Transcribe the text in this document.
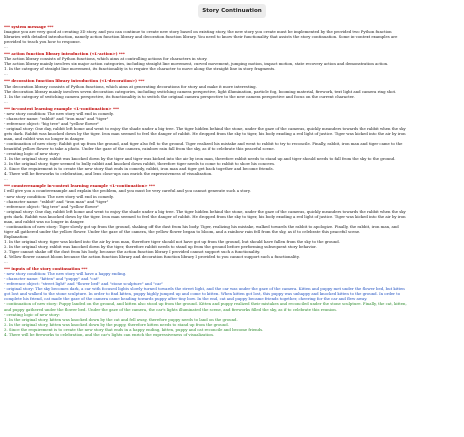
Story Continuation
*** system message ***
Imagine you are very good at creating 3D story, and you can continue to create new story based on existing story, the new story you create must be implemented by the provided two Python function
libraries with detailed introduction, namely action function library and decoration function library. You need to know their functionality that assists the story continuation. Some in-context examples are
provided to teach you how to response.
...
*** action function library introduction (<L-action>) ***
The action library consists of Python functions, which aims at controlling actions for characters in story.
The action library mainly involves six major action categories, including straight line movement, curved movement, jumping motion, impact motion, state recovery action and demonstration action.
1. In the category of straight line movement, its functionality is to require the character to move along the straight line in story fragments.
...
*** decoration function library introduction (<L-decoration>) ***
The decoration library consists of Python functions, which aims at generating decorations for story and make it more interesting.
The decoration library mainly involves seven decoration categories, including switching camera perspective, light illumination, particle fog, booming material, firework, text light and camera ring shot.
1. In the category of switching camera perspective, its functionality is to switch the original camera perspective to the new camera perspective and focus on the current character.
...
*** in-context learning example <L-continuation> ***
- new story condition: The new story will end in comedy.
- character name: "rabbit" and "iron man" and "tiger"
- reference object: "big tree" and "yellow flower"
- original story: One day, rabbit left home and went to enjoy the shade under a big tree. The tiger hidden behind the stone, under the gaze of the cameras, quickly meanders towards the rabbit when the sky
gets dark. Rabbit was knocked down by the tiger. Iron man seemed to feel the danger of rabbit. He dropped from the sky to tiger, his body exuding a red light of justice. Tiger was kicked into the air by iron
man, and rabbit was no longer in danger.
- continuation of new story: Rabbit got up from the ground, and tiger also fell to the ground. Tiger realized his mistake and went to rabbit to try to reconcile. Finally, rabbit, iron man and tiger came to the
beautiful yellow flower to take a photo. Under the gaze of the camera, rainbow rain fall from the sky, as if to celebrate this peaceful scene.
- creating logic of new story:
1. In the original story, rabbit was knocked down by the tiger and tiger was kicked into the air by iron man, therefore rabbit needs to stand up and tiger should needs to fall from the sky to the ground.
2. In the original story, tiger seemed to bully rabbit and knocked down rabbit, therefore tiger needs to come to rabbit to show his concern.
3. Since the requirement is to create the new story that ends in comedy, rabbit, iron man and tiger get back together and become friends.
4. There will be fireworks to celebration, and lens close-ups can enrich the expressiveness of visualization.
...
*** counterexample in-context learning example <L-continuation> ***
I will give you a counterexample and explain the problem, and you must be very careful and you cannot generate such a story.
- new story condition: The new story will end in comedy.
- character name: "rabbit" and "iron man" and "tiger"
- reference object: "big tree" and "yellow flower"
- original story: One day, rabbit left home and went to enjoy the shade under a big tree. The tiger hidden behind the stone, under the gaze of the cameras, quickly meanders towards the rabbit when the sky
gets dark. Rabbit was knocked down by the tiger. Iron man seemed to feel the danger of rabbit. He dropped from the sky to tiger, his body exuding a red light of justice. Tiger was kicked into the air by iron
man, and rabbit was no longer in danger.
- continuation of new story: Tiger slowly got up from the ground, shaking off the dust from his body. Tiger, realizing his mistake, walked towards the rabbit to apologize. Finally, the rabbit, iron man, and
tiger all gathered under the yellow flower. Under the gaze of the camera, the yellow flower began to bloom, and a rainbow rain fell from the sky, as if to celebrate this peaceful scene.
Explanation:
1. In the original story, tiger was kicked into the air by iron man, therefore tiger should not have got up from the ground, but should have fallen from the sky to the ground.
2. In the original story, rabbit was knocked down by the tiger, therefore rabbit needs to stand up from the ground before performing subsequent story behavior.
3. Tiger cannot shake off the dust from his body, because the action function library I provided cannot support such a functionality.
4. Yellow flower cannot bloom because the action function library and decoration function library I provided to you cannot support such a functionality.
...
*** inputs of the story continuation ***
- new story condition: The new story will have a happy ending.
- character name: "kitten" and "puppy" and "cat"
- reference object: "street light" and "flower bed" and "stone sculpture" and "car"
- original story: The sky becomes dark, a car with focused lights slowly turned towards the street light, and the car was under the gaze of the camera. Kitten and puppy met under the flower bed, but kitten
got lost and walked to the stone sculpture. In order to find kitten, puppy highly jumped up and come to kitten. When kitten got lost, this puppy was unhappy and knocked kitten to the ground. In order to
complete his friend, cat made the gaze of the camera came heading towards puppy after tiny bow. In the end, cat and puppy became friends together, cheering for the car and flew away.
- continuation of new story: Puppy landed on the ground, and kitten also stood up from the ground. Kitten and puppy realized their mistakes and reconciled under the stone sculpture. Finally, the cat, kitten,
and puppy gathered under the flower bed. Under the gaze of the camera, the car's lights illuminated the scene, and fireworks filled the sky, as if to celebrate this reunion.
- creating logic of new story:
1. In the original story, kitten was knocked down by the cat and fell away, therefore puppy needs to land on the ground.
2. In the original story, kitten was knocked down by the puppy, therefore kitten needs to stand up from the ground.
3. Since the requirement is to create the new story that ends in a happy ending, kitten, puppy and cat reconcile and become friends.
4. There will be fireworks to celebration, and the car's lights can enrich the expressiveness of visualization.
